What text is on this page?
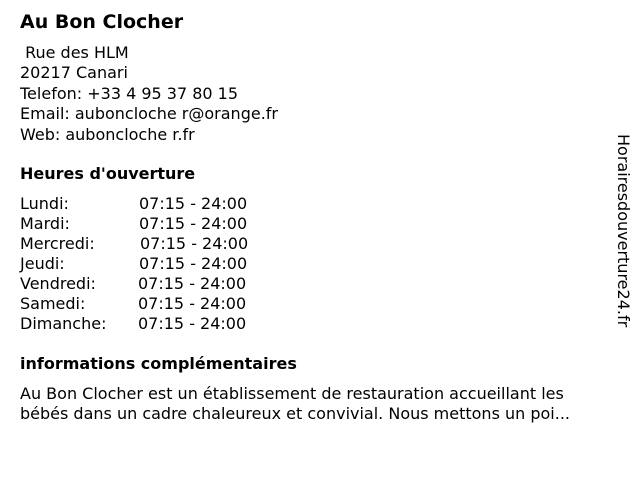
Au Bon Clocher
Rue des HLM
20217 Canari
Telefon: +33 4 95 37 80 15
Email: auboncloche r@orange.fr
Web: auboncloche r.fr
Heures d'ouverture
Lundi:	07:15 - 24:00
Mardi:	07:15 - 24:00
Mercredi:	07:15 - 24:00
Jeudi:	07:15 - 24:00
Vendredi:	07:15 - 24:00
Samedi:	07:15 - 24:00
Dimanche: 07:15 - 24:00
informations complémentaires
Au Bon Clocher est un établissement de restauration accueillant les
bébés dans un cadre chaleureux et convivial. Nous mettons un poi...
Horairesdouverture24.fr
